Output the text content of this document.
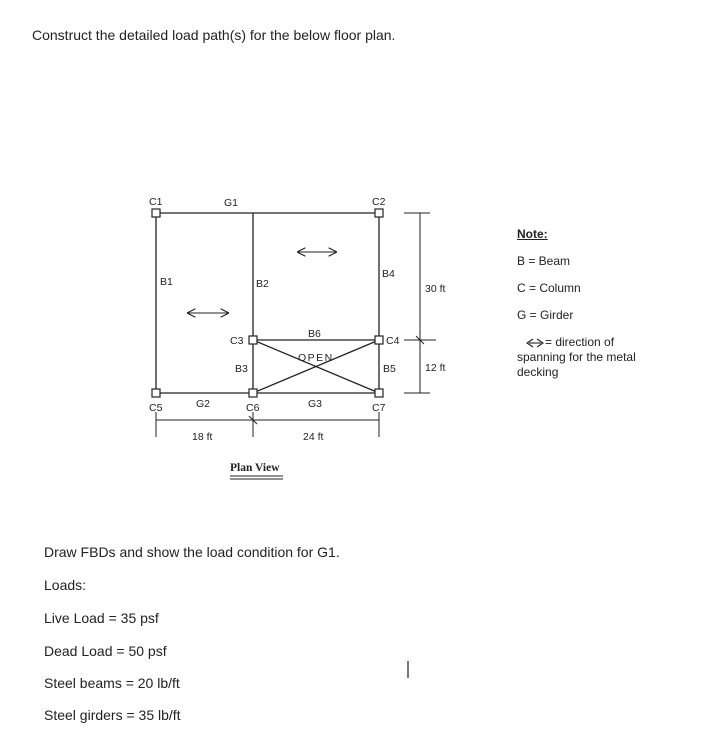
Construct the detailed load path(s) for the below floor plan.
C1	C2
C3	C4
C5	C6	C7
G1
G2	G3
B1	B2
B3
B4
B5
B6
OPEN
18 ft	24 ft
30 ft
12 ft
Plan View
Note:
B = Beam
C = Column
G = Girder
= direction of spanning for the metal decking
Draw FBDs and show the load condition for G1.
Loads:
Live Load = 35 psf
Dead Load = 50 psf
Steel beams = 20 lb/ft
Steel girders = 35 lb/ft
